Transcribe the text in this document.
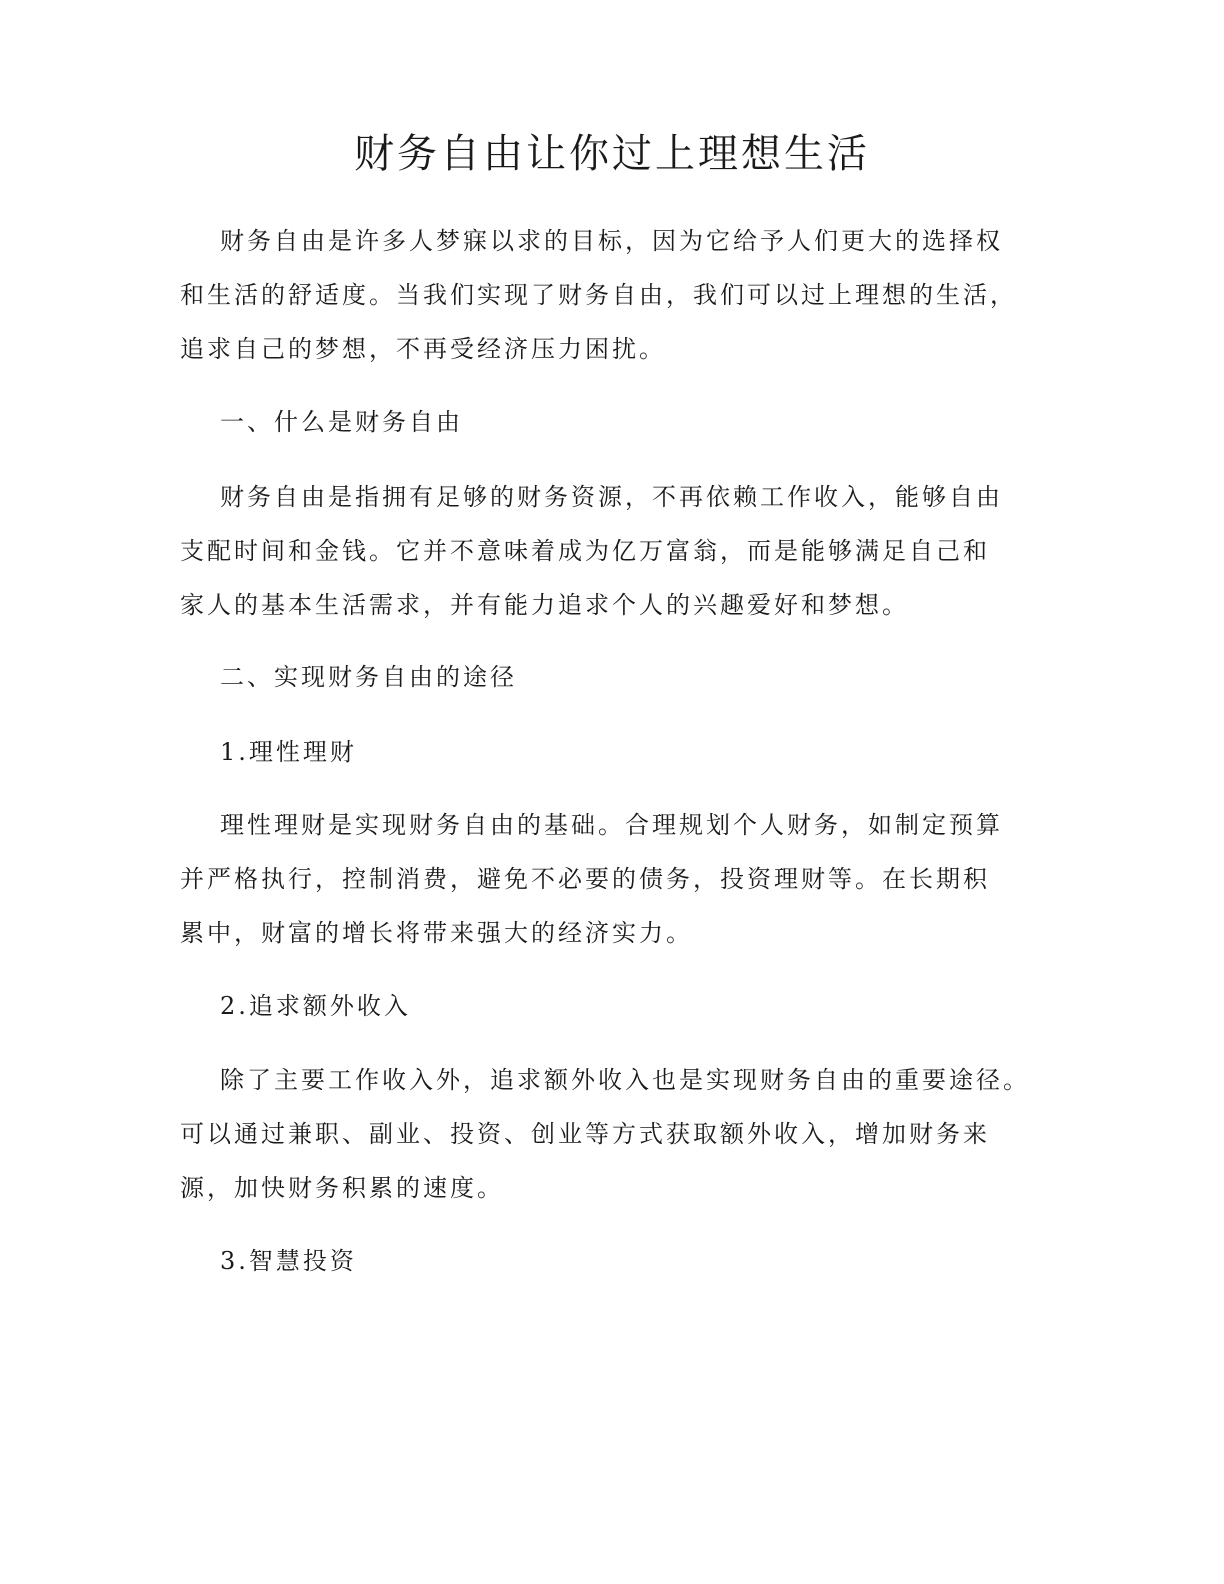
财务自由让你过上理想生活

财务自由是许多人梦寐以求的目标，因为它给予人们更大的选择权
和生活的舒适度。当我们实现了财务自由，我们可以过上理想的生活，
追求自己的梦想，不再受经济压力困扰。

一、什么是财务自由

财务自由是指拥有足够的财务资源，不再依赖工作收入，能够自由
支配时间和金钱。它并不意味着成为亿万富翁，而是能够满足自己和
家人的基本生活需求，并有能力追求个人的兴趣爱好和梦想。

二、实现财务自由的途径

1.理性理财

理性理财是实现财务自由的基础。合理规划个人财务，如制定预算
并严格执行，控制消费，避免不必要的债务，投资理财等。在长期积
累中，财富的增长将带来强大的经济实力。

2.追求额外收入

除了主要工作收入外，追求额外收入也是实现财务自由的重要途径。
可以通过兼职、副业、投资、创业等方式获取额外收入，增加财务来
源，加快财务积累的速度。

3.智慧投资
